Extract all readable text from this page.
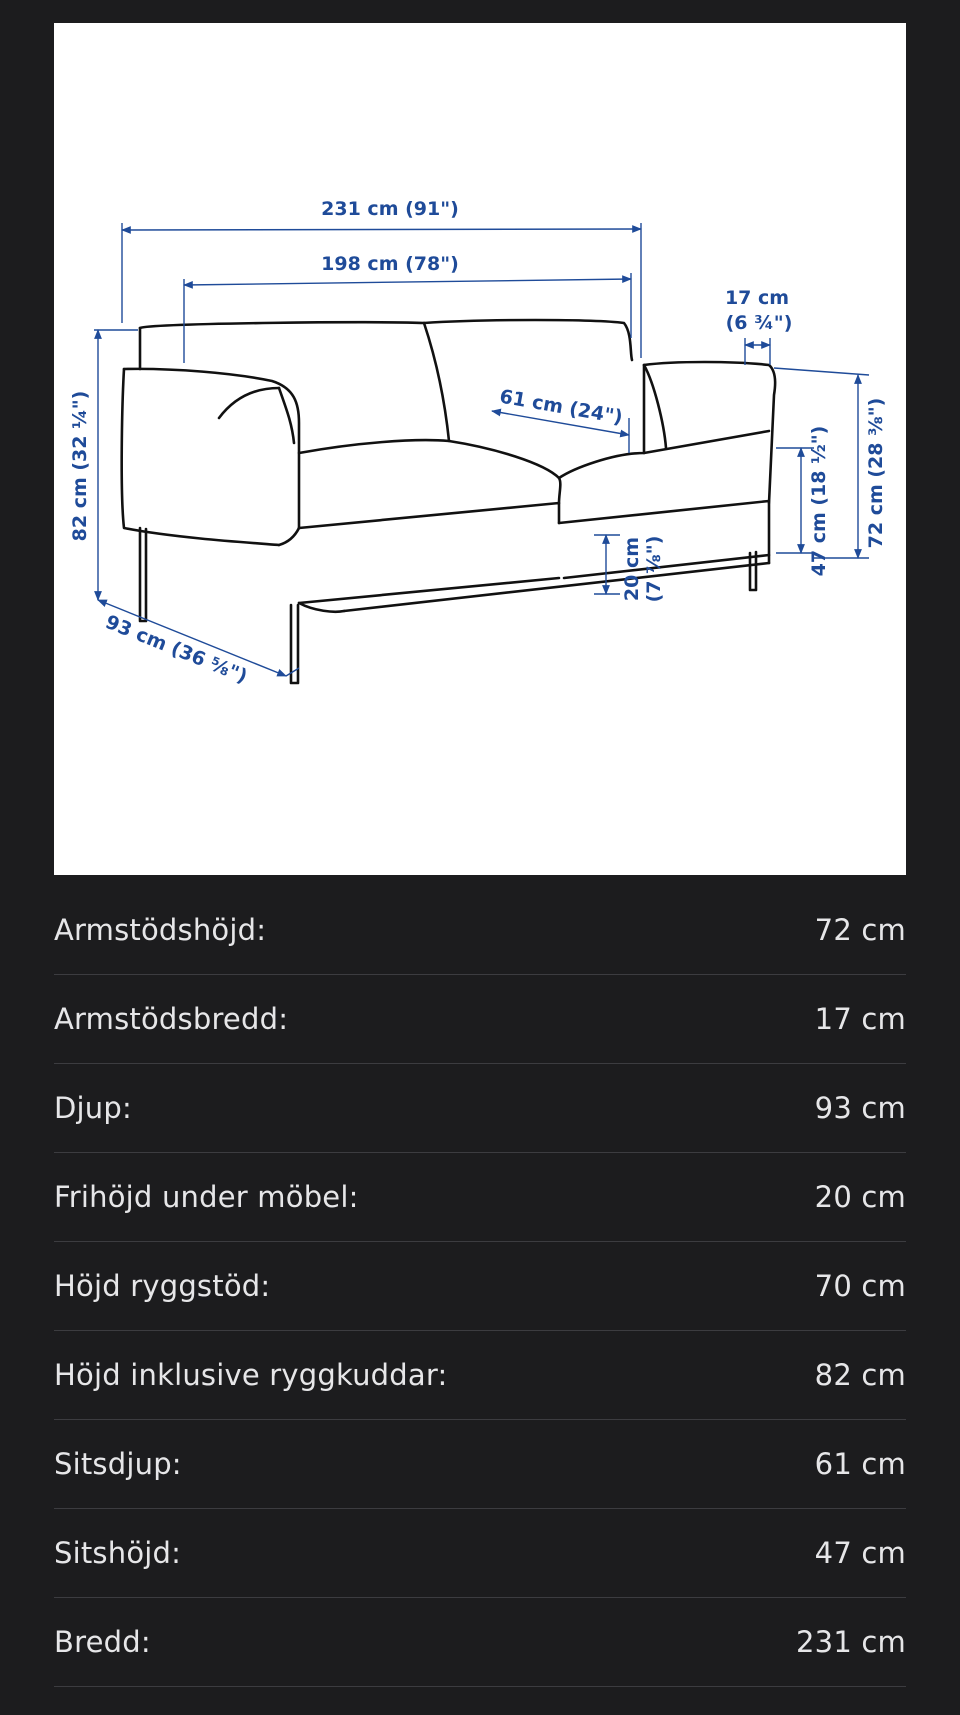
231 cm (91")
198 cm (78")
17 cm
(6 ¾")
61 cm (24")
82 cm (32 ¼")
93 cm (36 ⅝")
20 cm (7 ⅞")	47 cm (18 ½") 72 cm (28 ⅜")
Armstödshöjd:	72 cm
Armstödsbredd:	17 cm
Djup:	93 cm
Frihöjd under möbel:	20 cm
Höjd ryggstöd:	70 cm
Höjd inklusive ryggkuddar:	82 cm
Sitsdjup:	61 cm
Sitshöjd:	47 cm
Bredd:	231 cm
